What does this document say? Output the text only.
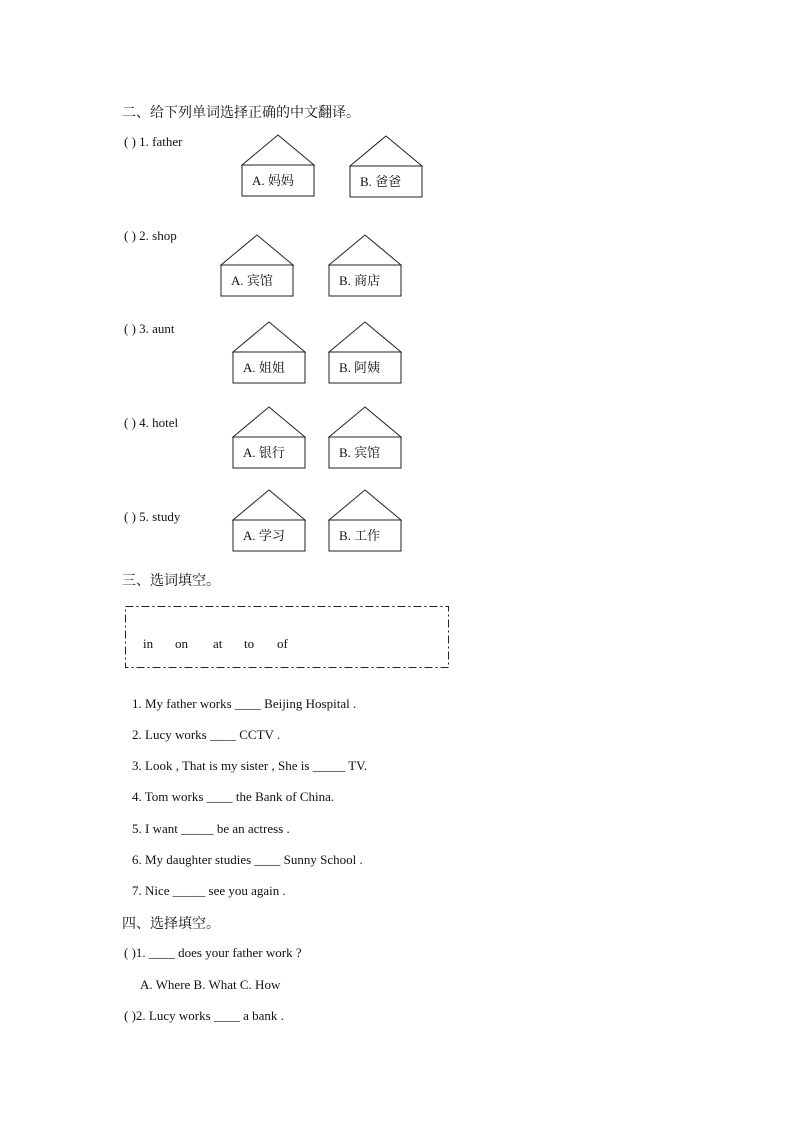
二、给下列单词选择正确的中文翻译。
( ) 1. father
A. 妈妈	B. 爸爸
( ) 2. shop
A. 宾馆	B. 商店
( ) 3. aunt
A. 姐姐	B. 阿姨
( ) 4. hotel
A. 银行	B. 宾馆
( ) 5. study
A. 学习	B. 工作
三、选词填空。
in on at to of
1. My father works ____ Beijing Hospital .
2. Lucy works ____ CCTV .
3. Look , That is my sister , She is _____ TV.
4. Tom works ____ the Bank of China.
5. I want _____ be an actress .
6. My daughter studies ____ Sunny School .
7. Nice _____ see you again .
四、选择填空。
( )1. ____ does your father work ?
A. Where B. What C. How
( )2. Lucy works ____ a bank .
